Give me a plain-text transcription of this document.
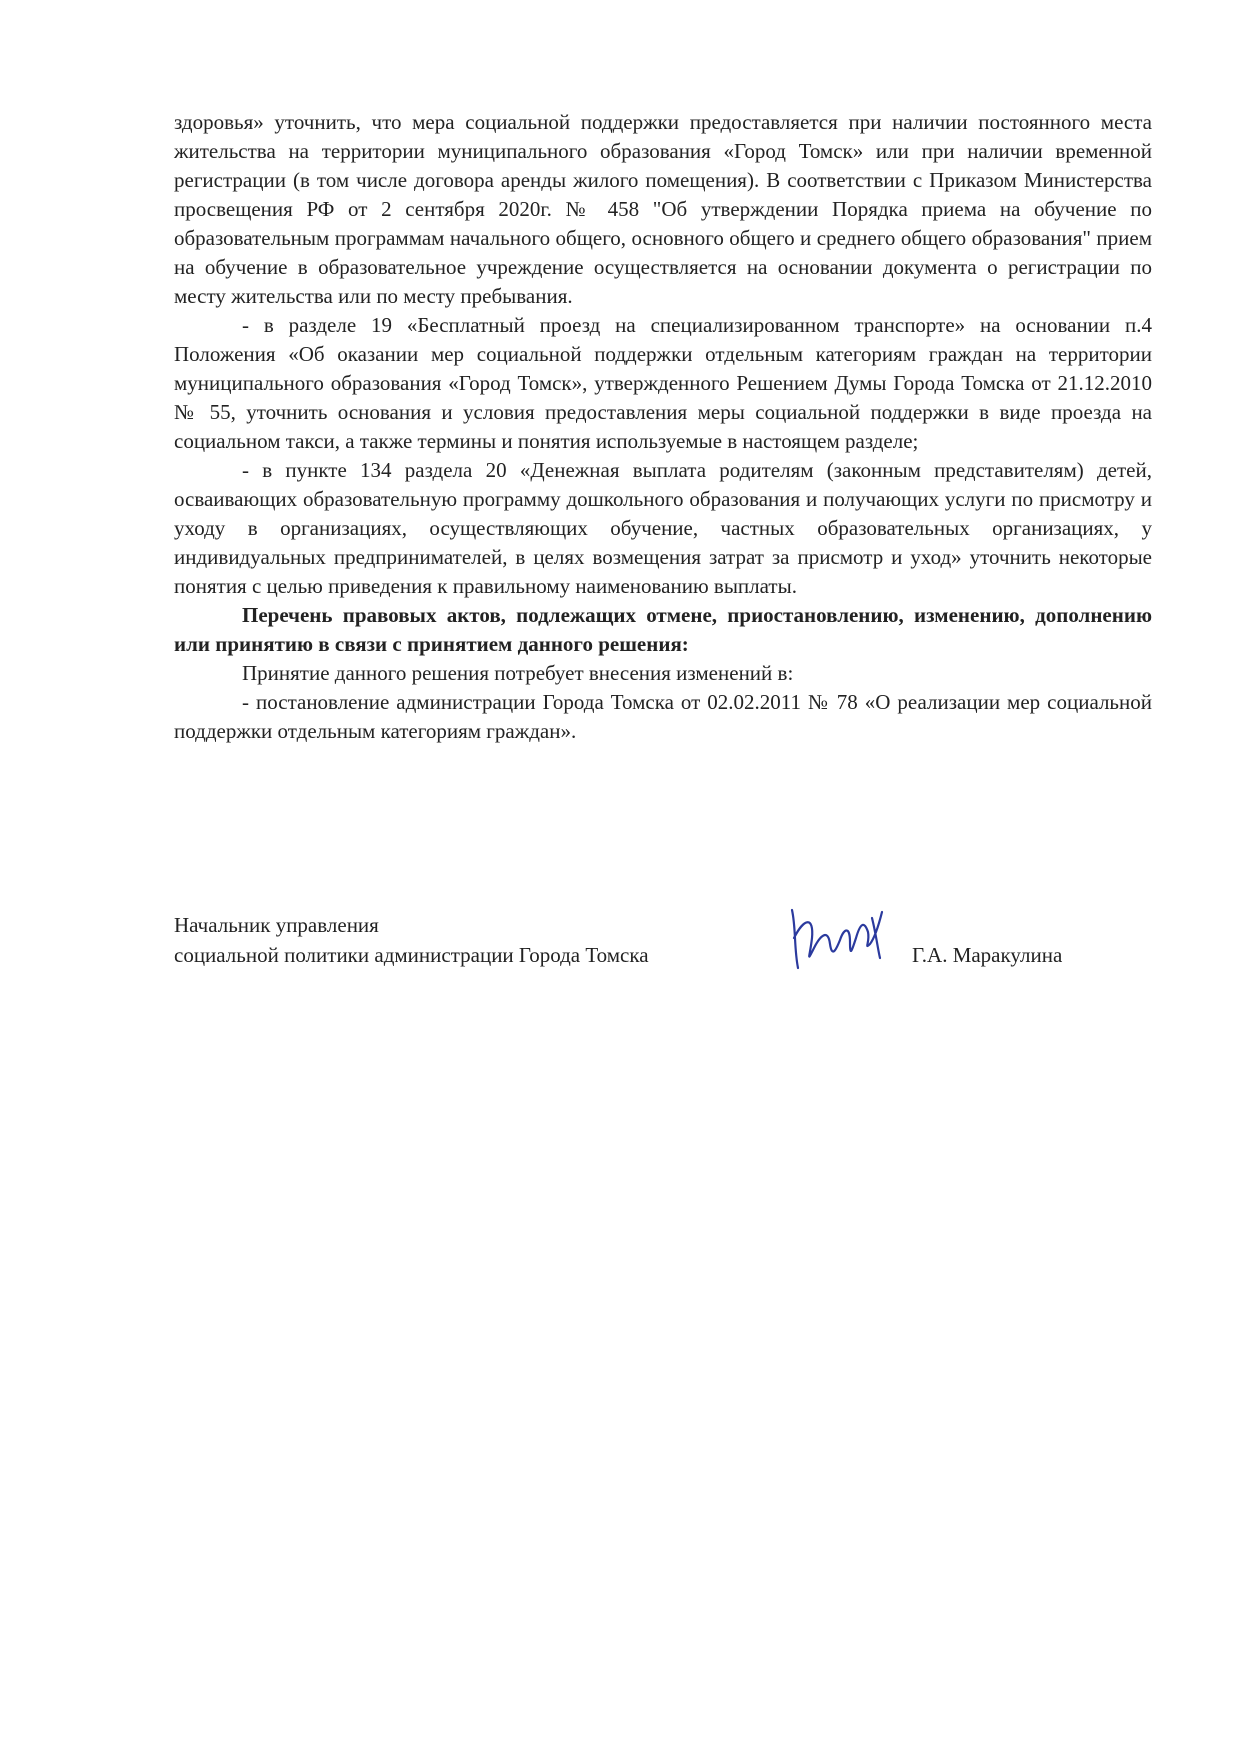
здоровья» уточнить, что мера социальной поддержки предоставляется при наличии постоянного места жительства на территории муниципального образования «Город Томск» или при наличии временной регистрации (в том числе договора аренды жилого помещения). В соответствии с Приказом Министерства просвещения РФ от 2 сентября 2020г. № 458 "Об утверждении Порядка приема на обучение по образовательным программам начального общего, основного общего и среднего общего образования" прием на обучение в образовательное учреждение осуществляется на основании документа о регистрации по месту жительства или по месту пребывания.

- в разделе 19 «Бесплатный проезд на специализированном транспорте» на основании п.4 Положения «Об оказании мер социальной поддержки отдельным категориям граждан на территории муниципального образования «Город Томск», утвержденного Решением Думы Города Томска от 21.12.2010 № 55, уточнить основания и условия предоставления меры социальной поддержки в виде проезда на социальном такси, а также термины и понятия используемые в настоящем разделе;

- в пункте 134 раздела 20 «Денежная выплата родителям (законным представителям) детей, осваивающих образовательную программу дошкольного образования и получающих услуги по присмотру и уходу в организациях, осуществляющих обучение, частных образовательных организациях, у индивидуальных предпринимателей, в целях возмещения затрат за присмотр и уход» уточнить некоторые понятия с целью приведения к правильному наименованию выплаты.

Перечень правовых актов, подлежащих отмене, приостановлению, изменению, дополнению или принятию в связи с принятием данного решения:

Принятие данного решения потребует внесения изменений в:

- постановление администрации Города Томска от 02.02.2011 № 78 «О реализации мер социальной поддержки отдельным категориям граждан».

Начальник управления
социальной политики администрации Города Томска	Г.А. Маракулина
